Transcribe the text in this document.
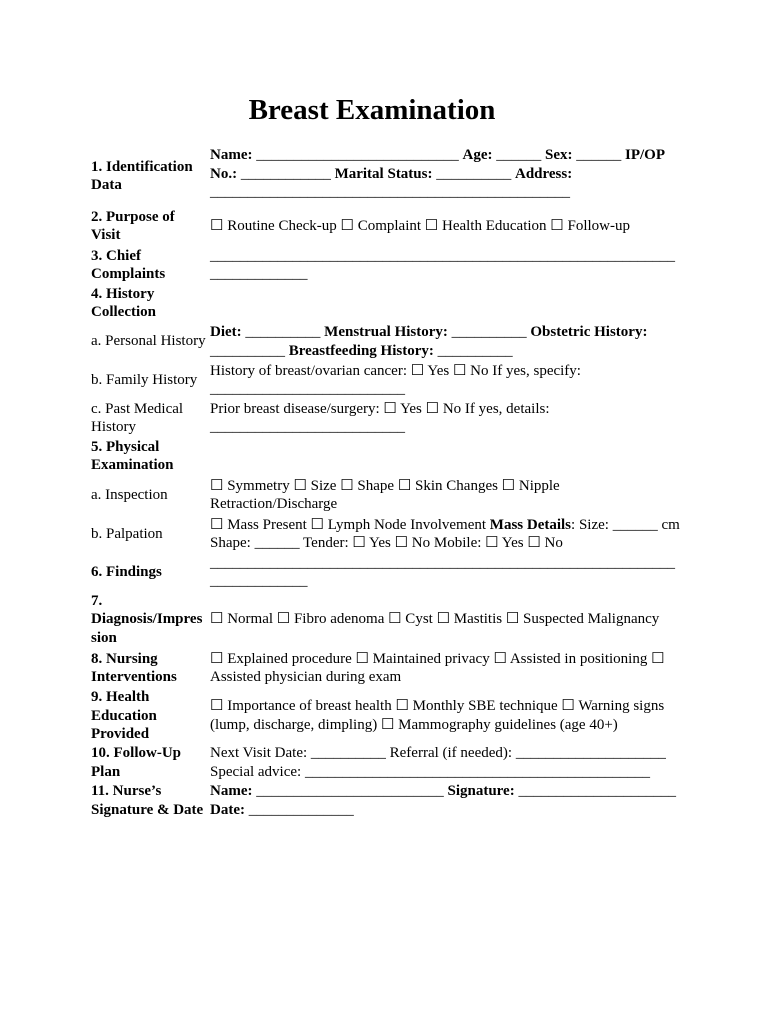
Breast Examination
1. Identification Data	Name: ___________________________ Age: ______ Sex: ______ IP/OP No.: ____________ Marital Status: __________ Address: ________________________________________________
2. Purpose of Visit	☐ Routine Check-up ☐ Complaint ☐ Health Education ☐ Follow-up
3. Chief Complaints	______________________________________________________________ _____________
4. History Collection	
a. Personal History	Diet: __________ Menstrual History: __________ Obstetric History: __________ Breastfeeding History: __________
b. Family History	History of breast/ovarian cancer: ☐ Yes ☐ No If yes, specify: __________________________
c. Past Medical History	Prior breast disease/surgery: ☐ Yes ☐ No If yes, details: __________________________
5. Physical Examination	
a. Inspection	☐ Symmetry ☐ Size ☐ Shape ☐ Skin Changes ☐ Nipple Retraction/Discharge
b. Palpation	☐ Mass Present ☐ Lymph Node Involvement Mass Details: Size: ______ cm Shape: ______ Tender: ☐ Yes ☐ No Mobile: ☐ Yes ☐ No
6. Findings	______________________________________________________________ _____________
7. Diagnosis/Impression	☐ Normal ☐ Fibro adenoma ☐ Cyst ☐ Mastitis ☐ Suspected Malignancy
8. Nursing Interventions	☐ Explained procedure ☐ Maintained privacy ☐ Assisted in positioning ☐ Assisted physician during exam
9. Health Education Provided	☐ Importance of breast health ☐ Monthly SBE technique ☐ Warning signs (lump, discharge, dimpling) ☐ Mammography guidelines (age 40+)
10. Follow-Up Plan	Next Visit Date: __________ Referral (if needed): ____________________ Special advice: ______________________________________________
11. Nurse’s Signature & Date	Name: _________________________ Signature: _____________________ Date: ______________
